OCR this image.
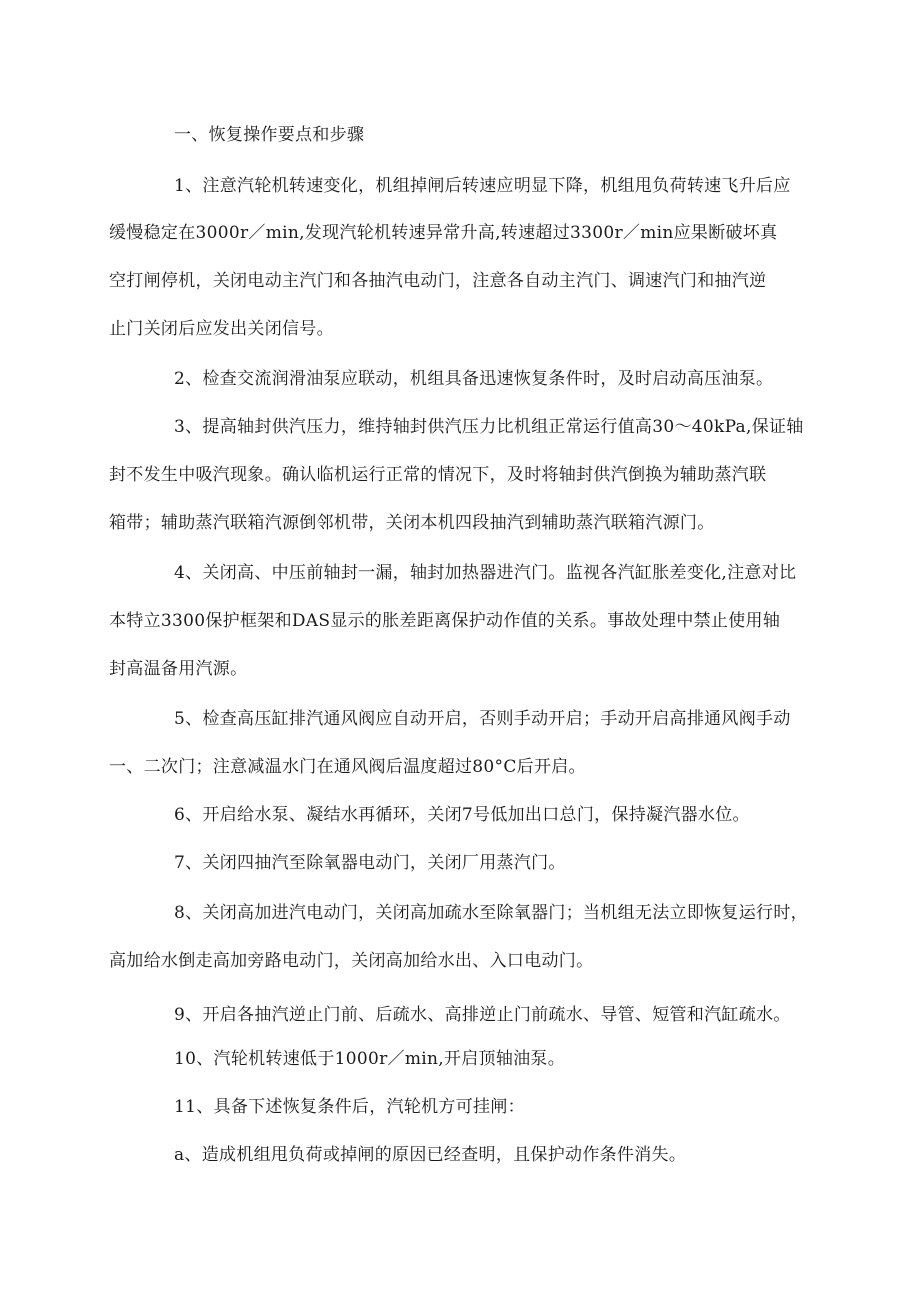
一、恢复操作要点和步骤
1、注意汽轮机转速变化，机组掉闸后转速应明显下降，机组甩负荷转速飞升后应
缓慢稳定在3000r／min,发现汽轮机转速异常升高,转速超过3300r／min应果断破坏真
空打闸停机，关闭电动主汽门和各抽汽电动门，注意各自动主汽门、调速汽门和抽汽逆
止门关闭后应发出关闭信号。
2、检查交流润滑油泵应联动，机组具备迅速恢复条件时，及时启动高压油泵。
3、提高轴封供汽压力，维持轴封供汽压力比机组正常运行值高30～40kPa,保证轴
封不发生中吸汽现象。确认临机运行正常的情况下，及时将轴封供汽倒换为辅助蒸汽联
箱带；辅助蒸汽联箱汽源倒邻机带，关闭本机四段抽汽到辅助蒸汽联箱汽源门。
4、关闭高、中压前轴封一漏，轴封加热器进汽门。监视各汽缸胀差变化,注意对比
本特立3300保护框架和DAS显示的胀差距离保护动作值的关系。事故处理中禁止使用轴
封高温备用汽源。
5、检查高压缸排汽通风阀应自动开启，否则手动开启；手动开启高排通风阀手动
一、二次门；注意减温水门在通风阀后温度超过80°C后开启。
6、开启给水泵、凝结水再循环，关闭7号低加出口总门，保持凝汽器水位。
7、关闭四抽汽至除氧器电动门，关闭厂用蒸汽门。
8、关闭高加进汽电动门，关闭高加疏水至除氧器门；当机组无法立即恢复运行时，
高加给水倒走高加旁路电动门，关闭高加给水出、入口电动门。
9、开启各抽汽逆止门前、后疏水、高排逆止门前疏水、导管、短管和汽缸疏水。
10、汽轮机转速低于1000r／min,开启顶轴油泵。
11、具备下述恢复条件后，汽轮机方可挂闸：
a、造成机组甩负荷或掉闸的原因已经查明，且保护动作条件消失。
